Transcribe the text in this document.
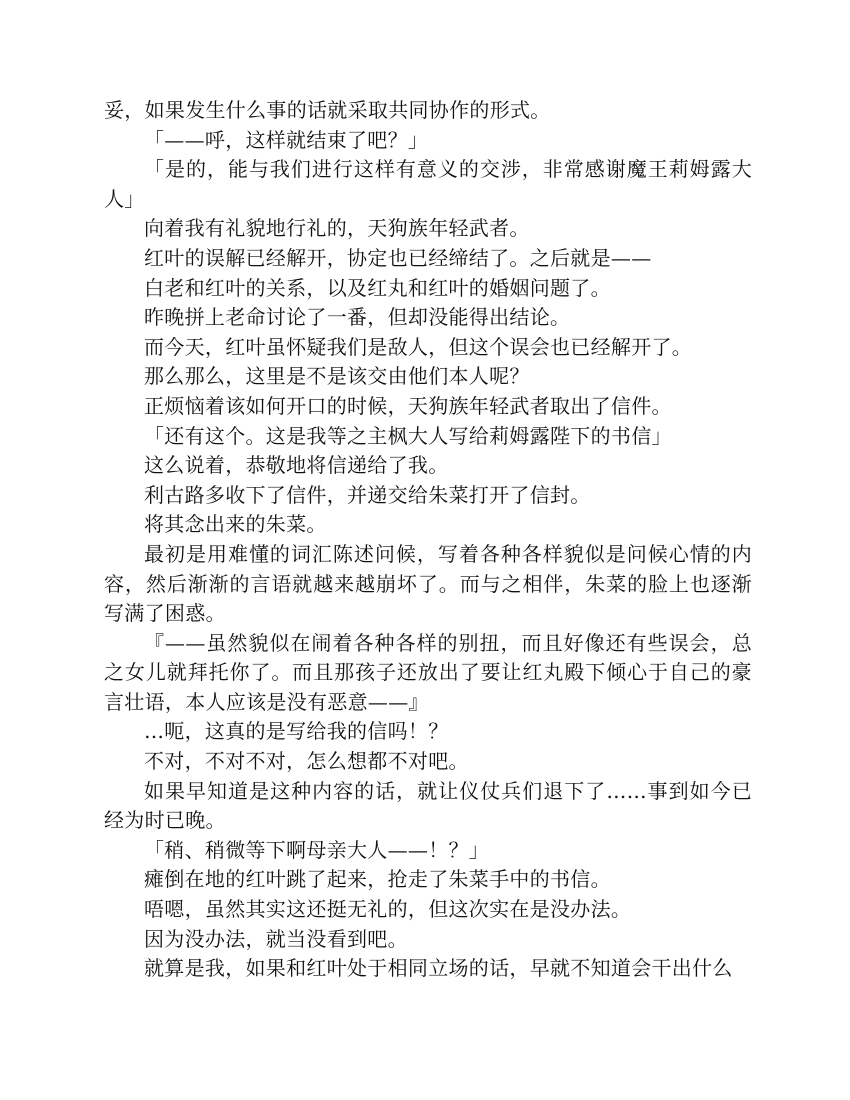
妥，如果发生什么事的话就采取共同协作的形式。

「——呼，这样就结束了吧？」

「是的，能与我们进行这样有意义的交涉，非常感谢魔王莉姆露大人」

向着我有礼貌地行礼的，天狗族年轻武者。

红叶的误解已经解开，协定也已经缔结了。之后就是——

白老和红叶的关系，以及红丸和红叶的婚姻问题了。

昨晚拼上老命讨论了一番，但却没能得出结论。

而今天，红叶虽怀疑我们是敌人，但这个误会也已经解开了。

那么那么，这里是不是该交由他们本人呢？

正烦恼着该如何开口的时候，天狗族年轻武者取出了信件。

「还有这个。这是我等之主枫大人写给莉姆露陛下的书信」

这么说着，恭敬地将信递给了我。

利古路多收下了信件，并递交给朱菜打开了信封。

将其念出来的朱菜。

最初是用难懂的词汇陈述问候，写着各种各样貌似是问候心情的内容，然后渐渐的言语就越来越崩坏了。而与之相伴，朱菜的脸上也逐渐写满了困惑。

『——虽然貌似在闹着各种各样的别扭，而且好像还有些误会，总之女儿就拜托你了。而且那孩子还放出了要让红丸殿下倾心于自己的豪言壮语，本人应该是没有恶意——』

…呃，这真的是写给我的信吗！？

不对，不对不对，怎么想都不对吧。

如果早知道是这种内容的话，就让仪仗兵们退下了……事到如今已经为时已晚。

「稍、稍微等下啊母亲大人——！？」

瘫倒在地的红叶跳了起来，抢走了朱菜手中的书信。

唔嗯，虽然其实这还挺无礼的，但这次实在是没办法。

因为没办法，就当没看到吧。

就算是我，如果和红叶处于相同立场的话，早就不知道会干出什么
